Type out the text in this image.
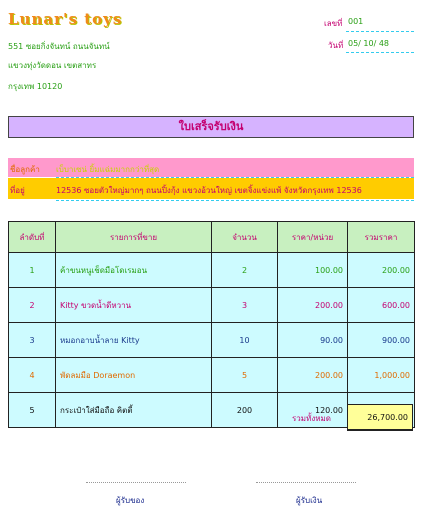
Lunar's toys
551 ซอยกิ่งจันทน์ ถนนจันทน์
แขวงทุ่งวัดดอน เขตสาทร
กรุงเทพ 10120
เลขที่ 001
วันที่ 05/ 10/ 48
ใบเสร็จรับเงิน
ชื่อลูกค้า เบ็บาเซน่ ยิ้มแฉ่มมากกว่าที่สุด
ที่อยู่	12536 ซอยตัวใหญ่มากๆ ถนนปิ้งกุ้ง แขวงอ้วนใหญ่ เขตจิ้งแข่งแพ้ จังหวัดกรุงเทพ 12536
ลำดับที่	รายการที่ขาย	จำนวน	ราคา/หน่วย	รวมราคา
1	ค้าขนหนูเช็ดมือโดเรมอน	2	100.00	200.00
2	Kitty ขวดน้ำดีหวาน	3	200.00	600.00
3	หมอกอาบน้ำลาย Kitty	10	90.00	900.00
4	พัดลมมือ Doraemon	5	200.00	1,000.00
5	กระเป๋าใส่มือถือ คิตตี้	200	120.00	
รวมทั้งหมด	26,700.00
ผู้รับของ	ผู้รับเงิน
